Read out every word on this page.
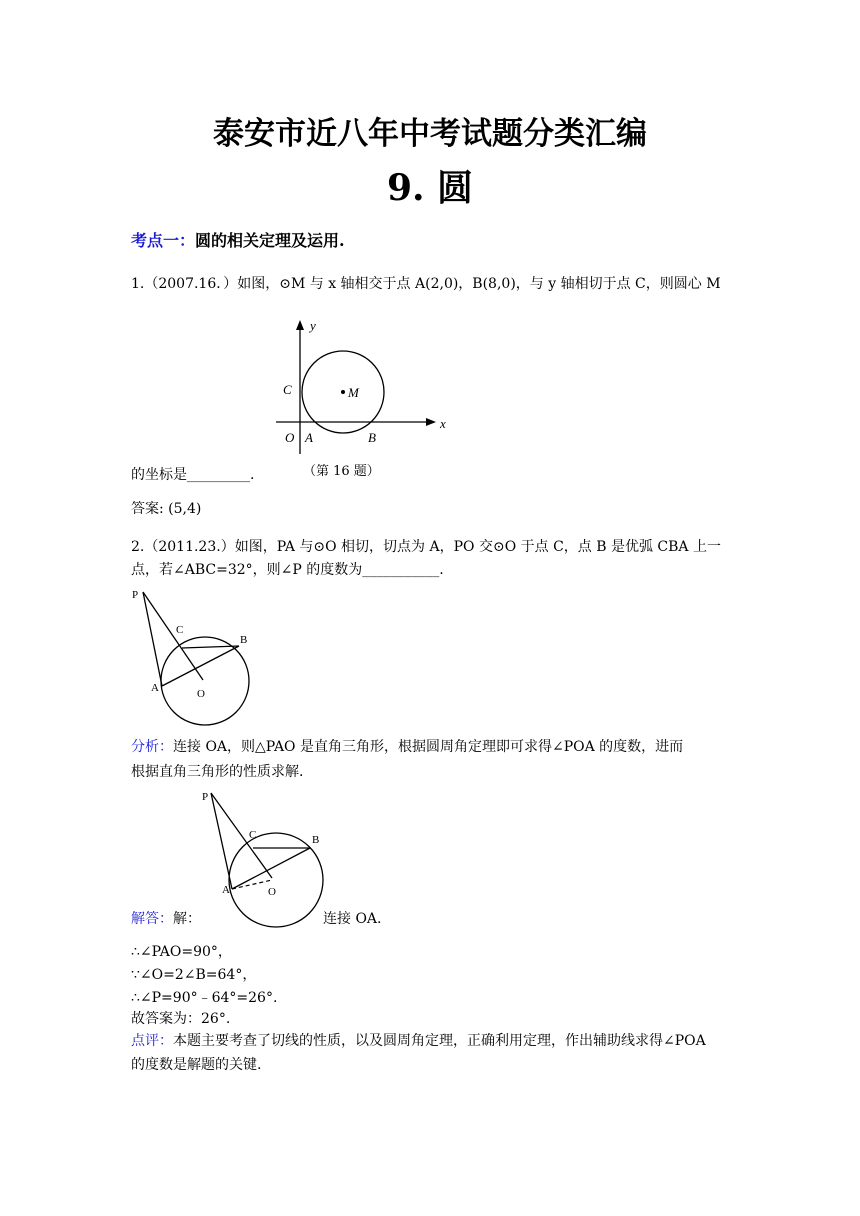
泰安市近八年中考试题分类汇编
9. 圆
考点一：圆的相关定理及运用.
1.（2007.16．）如图，⊙M 与 x 轴相交于点 A(2,0)，B(8,0)，与 y 轴相切于点 C，则圆心 M
y
x
C	M
O A	B
的坐标是_________.	（第 16 题）
答案: (5,4)
2.（2011.23.）如图，PA 与⊙O 相切，切点为 A，PO 交⊙O 于点 C，点 B 是优弧 CBA 上一
点，若∠ABC=32°，则∠P 的度数为___________.
P
C
B
A	O
分析：连接 OA，则△PAO 是直角三角形，根据圆周角定理即可求得∠POA 的度数，进而
根据直角三角形的性质求解.
P
C	B
A	O
解答：解：	连接 OA.
∴∠PAO=90°，
∵∠O=2∠B=64°，
∴∠P=90°﹣64°=26°.
故答案为：26°.
点评：本题主要考查了切线的性质，以及圆周角定理，正确利用定理，作出辅助线求得∠POA
的度数是解题的关键.
